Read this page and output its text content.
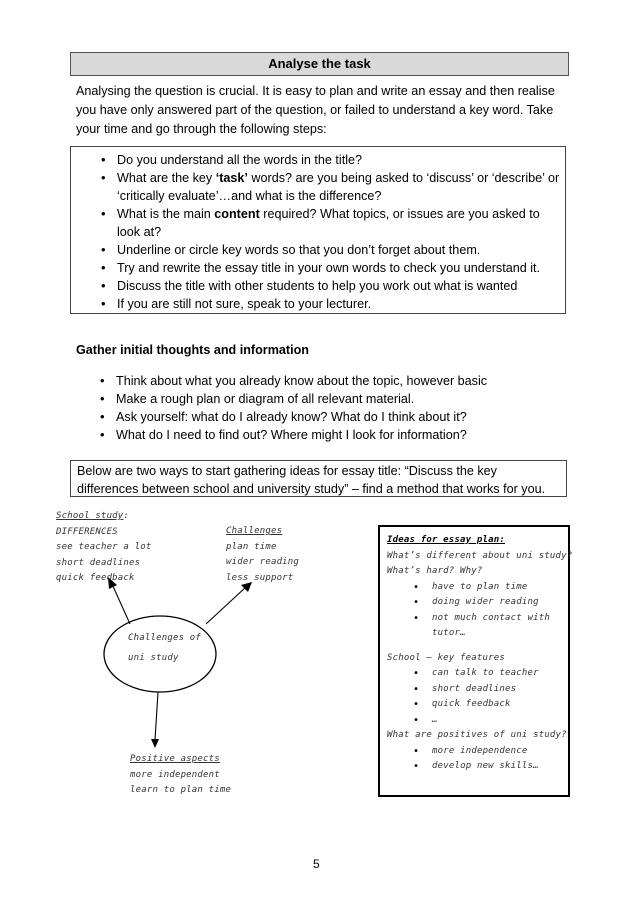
Analyse the task
Analysing the question is crucial. It is easy to plan and write an essay and then realise you have only answered part of the question, or failed to understand a key word. Take your time and go through the following steps:
• Do you understand all the words in the title?
• What are the key ‘task’ words? are you being asked to ‘discuss’ or ‘describe’ or ‘critically evaluate’…and what is the difference?
• What is the main content required? What topics, or issues are you asked to look at?
• Underline or circle key words so that you don’t forget about them.
• Try and rewrite the essay title in your own words to check you understand it.
• Discuss the title with other students to help you work out what is wanted
• If you are still not sure, speak to your lecturer.
Gather initial thoughts and information
• Think about what you already know about the topic, however basic
• Make a rough plan or diagram of all relevant material.
• Ask yourself: what do I already know? What do I think about it?
• What do I need to find out? Where might I look for information?
Below are two ways to start gathering ideas for essay title: “Discuss the key differences between school and university study” – find a method that works for you.
School study:
DIFFERENCES
see teacher a lot
short deadlines
quick feedback
Challenges
plan time
wider reading
less support
Challenges of
uni study
Positive aspects
more independent
learn to plan time
Ideas for essay plan:
What’s different about uni study?
What’s hard? Why?
• have to plan time
• doing wider reading
• not much contact with
tutor…
School – key features
• can talk to teacher
• short deadlines
• quick feedback
• …
What are positives of uni study?
• more independence
• develop new skills…
5
